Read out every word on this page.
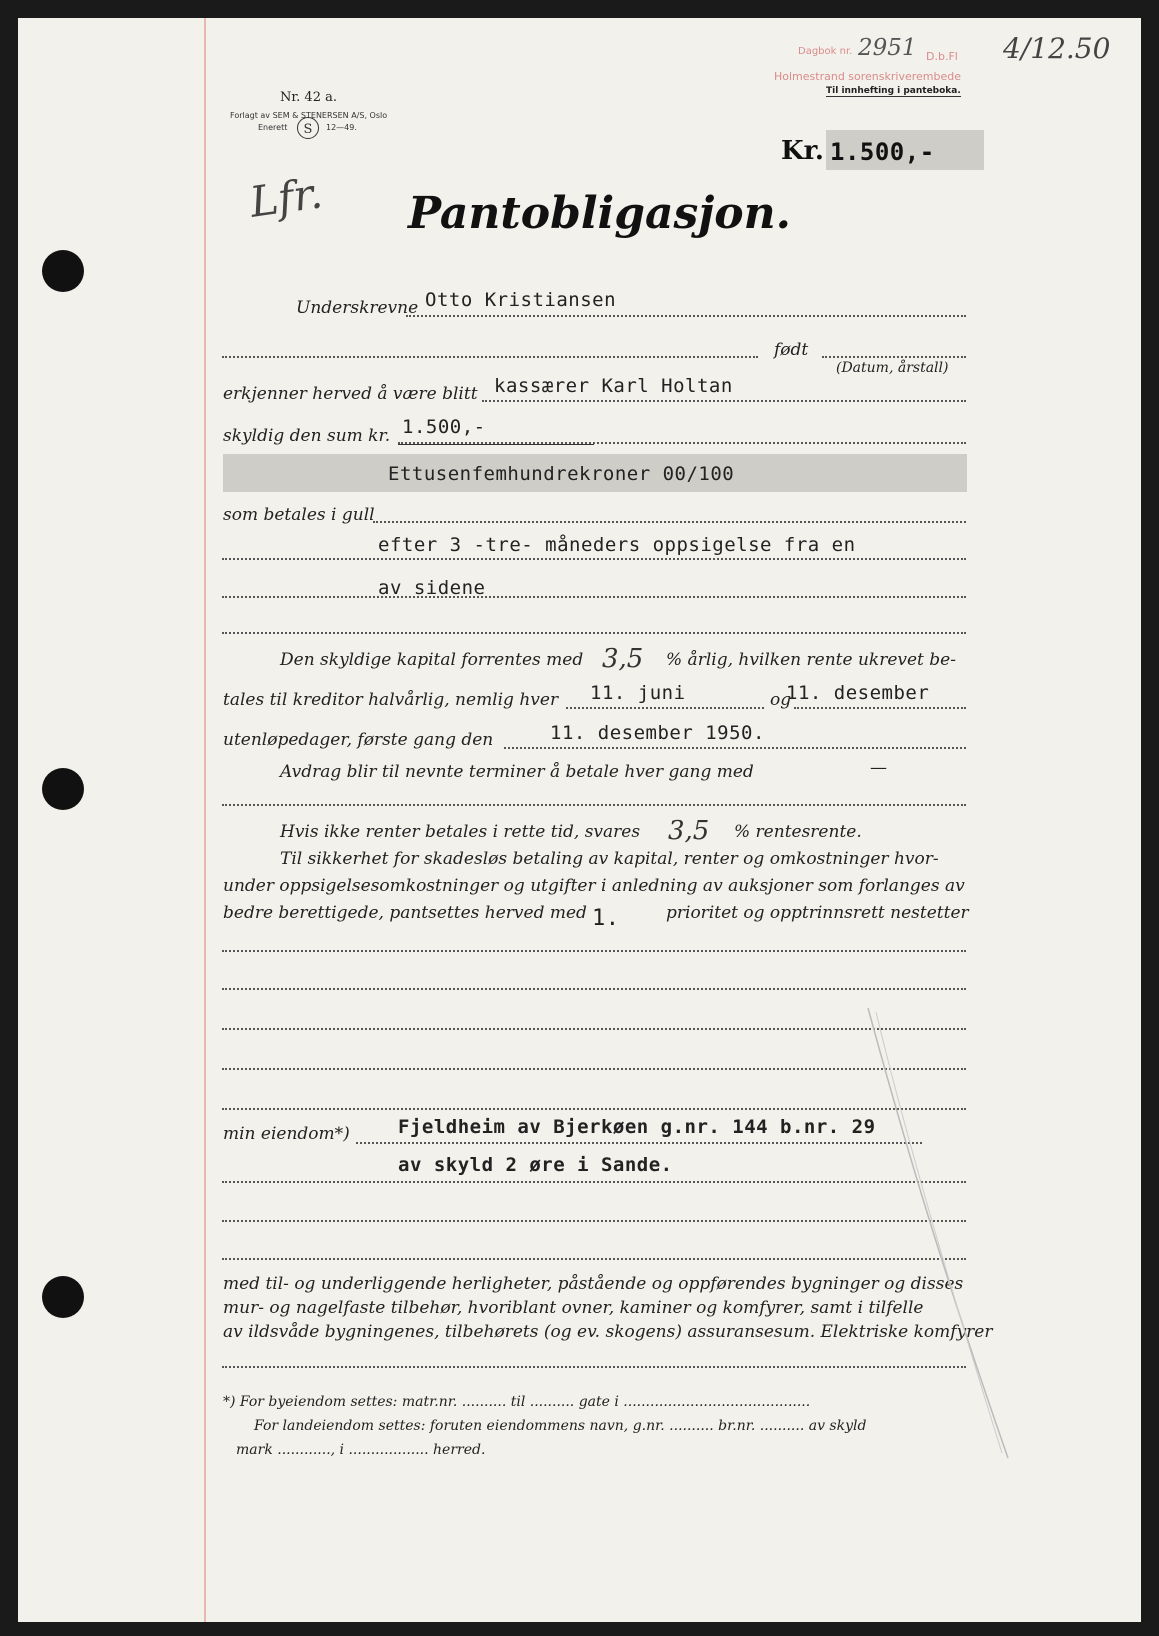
Nr. 42 a.
Forlagt av SEM & STENERSEN A/S, Oslo
Enerett S 12—49.
Dagbok nr. 2951 D.b.Fl
Holmestrand sorenskriverembede
Til innhefting i panteboka.
4/12.50
Kr. 1.500,-
Lfr. Pantobligasjon.
Underskrevne Otto Kristiansen
født
(Datum, årstall)
erkjenner herved å være blitt kassærer Karl Holtan
skyldig den sum kr. 1.500,-
Ettusenfemhundrekroner 00/100
som betales i gull
efter 3 -tre- måneders oppsigelse fra en
av sidene
Den skyldige kapital forrentes med 3,5 % årlig, hvilken rente ukrevet be-
tales til kreditor halvårlig, nemlig hver 11. juni	og
11. desember
utenløpedager, første gang den	11. desember 1950.
Avdrag blir til nevnte terminer å betale hver gang med	—
Hvis ikke renter betales i rette tid, svares 3,5 % rentesrente.
Til sikkerhet for skadesløs betaling av kapital, renter og omkostninger hvor-
under oppsigelsesomkostninger og utgifter i anledning av auksjoner som forlanges av
bedre berettigede, pantsettes herved med 1.	prioritet og opptrinnsrett nestetter
min eiendom*)	Fjeldheim av Bjerkøen g.nr. 144 b.nr. 29
av skyld 2 øre i Sande.
med til- og underliggende herligheter, påstående og oppførendes bygninger og disses
mur- og nagelfaste tilbehør, hvoriblant ovner, kaminer og komfyrer, samt i tilfelle
av ildsvåde bygningenes, tilbehørets (og ev. skogens) assuransesum. Elektriske komfyrer
*) For byeiendom settes: matr.nr. .......... til .......... gate i ..........................................
For landeiendom settes: foruten eiendommens navn, g.nr. .......... br.nr. .......... av skyld
mark ............, i .................. herred.
